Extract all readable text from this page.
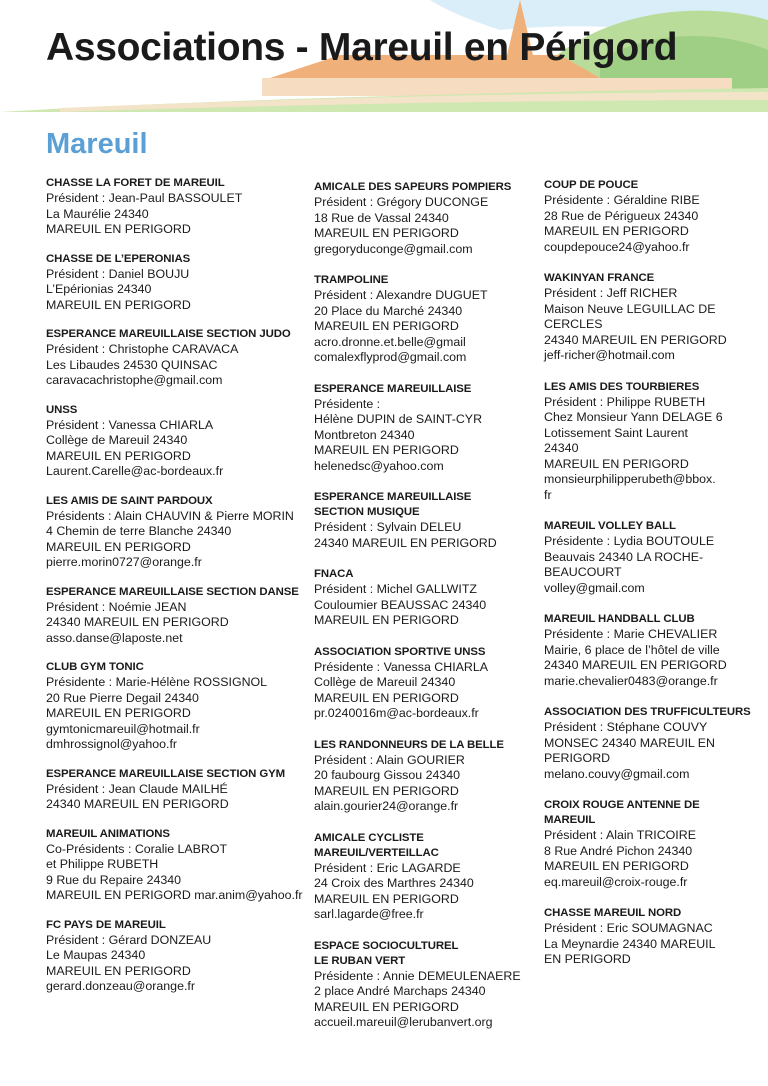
Associations - Mareuil en Périgord
Mareuil
CHASSE LA FORET DE MAREUIL
Président : Jean-Paul BASSOULET
La Maurélie 24340
MAREUIL EN PERIGORD
CHASSE DE L’EPERONIAS
Président : Daniel BOUJU
L’Epérionias 24340
MAREUIL EN PERIGORD
ESPERANCE MAREUILLAISE SECTION JUDO
Président : Christophe CARAVACA
Les Libaudes 24530 QUINSAC
caravacachristophe@gmail.com
UNSS
Président : Vanessa CHIARLA
Collège de Mareuil 24340
MAREUIL EN PERIGORD
Laurent.Carelle@ac-bordeaux.fr
LES AMIS DE SAINT PARDOUX
Présidents : Alain CHAUVIN & Pierre MORIN
4 Chemin de terre Blanche 24340
MAREUIL EN PERIGORD
pierre.morin0727@orange.fr
ESPERANCE MAREUILLAISE SECTION DANSE
Président : Noémie JEAN
24340 MAREUIL EN PERIGORD
asso.danse@laposte.net
CLUB GYM TONIC
Présidente : Marie-Hélène ROSSIGNOL
20 Rue Pierre Degail 24340
MAREUIL EN PERIGORD
gymtonicmareuil@hotmail.fr
dmhrossignol@yahoo.fr
ESPERANCE MAREUILLAISE SECTION GYM
Président : Jean Claude MAILHÉ
24340 MAREUIL EN PERIGORD
MAREUIL ANIMATIONS
Co-Présidents : Coralie LABROT
et Philippe RUBETH
9 Rue du Repaire 24340
MAREUIL EN PERIGORD mar.anim@yahoo.fr
FC PAYS DE MAREUIL
Président : Gérard DONZEAU
Le Maupas 24340
MAREUIL EN PERIGORD
gerard.donzeau@orange.fr
AMICALE DES SAPEURS POMPIERS
Président : Grégory DUCONGE
18 Rue de Vassal 24340
MAREUIL EN PERIGORD
gregoryduconge@gmail.com
TRAMPOLINE
Président : Alexandre DUGUET
20 Place du Marché 24340
MAREUIL EN PERIGORD
acro.dronne.et.belle@gmail
comalexflyprod@gmail.com
ESPERANCE MAREUILLAISE
Présidente :
Hélène DUPIN de SAINT-CYR
Montbreton 24340
MAREUIL EN PERIGORD
helenedsc@yahoo.com
ESPERANCE MAREUILLAISE
SECTION MUSIQUE
Président : Sylvain DELEU
24340 MAREUIL EN PERIGORD
FNACA
Président : Michel GALLWITZ
Couloumier BEAUSSAC 24340
MAREUIL EN PERIGORD
ASSOCIATION SPORTIVE UNSS
Présidente : Vanessa CHIARLA
Collège de Mareuil 24340
MAREUIL EN PERIGORD
pr.0240016m@ac-bordeaux.fr
LES RANDONNEURS DE LA BELLE
Président : Alain GOURIER
20 faubourg Gissou 24340
MAREUIL EN PERIGORD
alain.gourier24@orange.fr
AMICALE CYCLISTE MAREUIL/VERTEILLAC
Président : Eric LAGARDE
24 Croix des Marthres 24340
MAREUIL EN PERIGORD
sarl.lagarde@free.fr
ESPACE SOCIOCULTUREL
LE RUBAN VERT
Présidente : Annie DEMEULENAERE
2 place André Marchaps 24340
MAREUIL EN PERIGORD
accueil.mareuil@lerubanvert.org
COUP DE POUCE
Présidente : Géraldine RIBE
28 Rue de Périgueux 24340
MAREUIL EN PERIGORD
coupdepouce24@yahoo.fr
WAKINYAN FRANCE
Président : Jeff RICHER
Maison Neuve LEGUILLAC DE
CERCLES
24340 MAREUIL EN PERIGORD
jeff-richer@hotmail.com
LES AMIS DES TOURBIERES
Président : Philippe RUBETH
Chez Monsieur Yann DELAGE 6
Lotissement Saint Laurent
24340
MAREUIL EN PERIGORD
monsieurphilipperubeth@bbox.
fr
MAREUIL VOLLEY BALL
Présidente : Lydia BOUTOULE
Beauvais 24340 LA ROCHE-
BEAUCOURT
volley@gmail.com
MAREUIL HANDBALL CLUB
Présidente : Marie CHEVALIER
Mairie, 6 place de l’hôtel de ville
24340 MAREUIL EN PERIGORD
marie.chevalier0483@orange.fr
ASSOCIATION DES TRUFFICULTEURS
Président : Stéphane COUVY
MONSEC 24340 MAREUIL EN
PERIGORD
melano.couvy@gmail.com
CROIX ROUGE ANTENNE DE
MAREUIL
Président : Alain TRICOIRE
8 Rue André Pichon 24340
MAREUIL EN PERIGORD
eq.mareuil@croix-rouge.fr
CHASSE MAREUIL NORD
Président : Eric SOUMAGNAC
La Meynardie 24340 MAREUIL
EN PERIGORD
